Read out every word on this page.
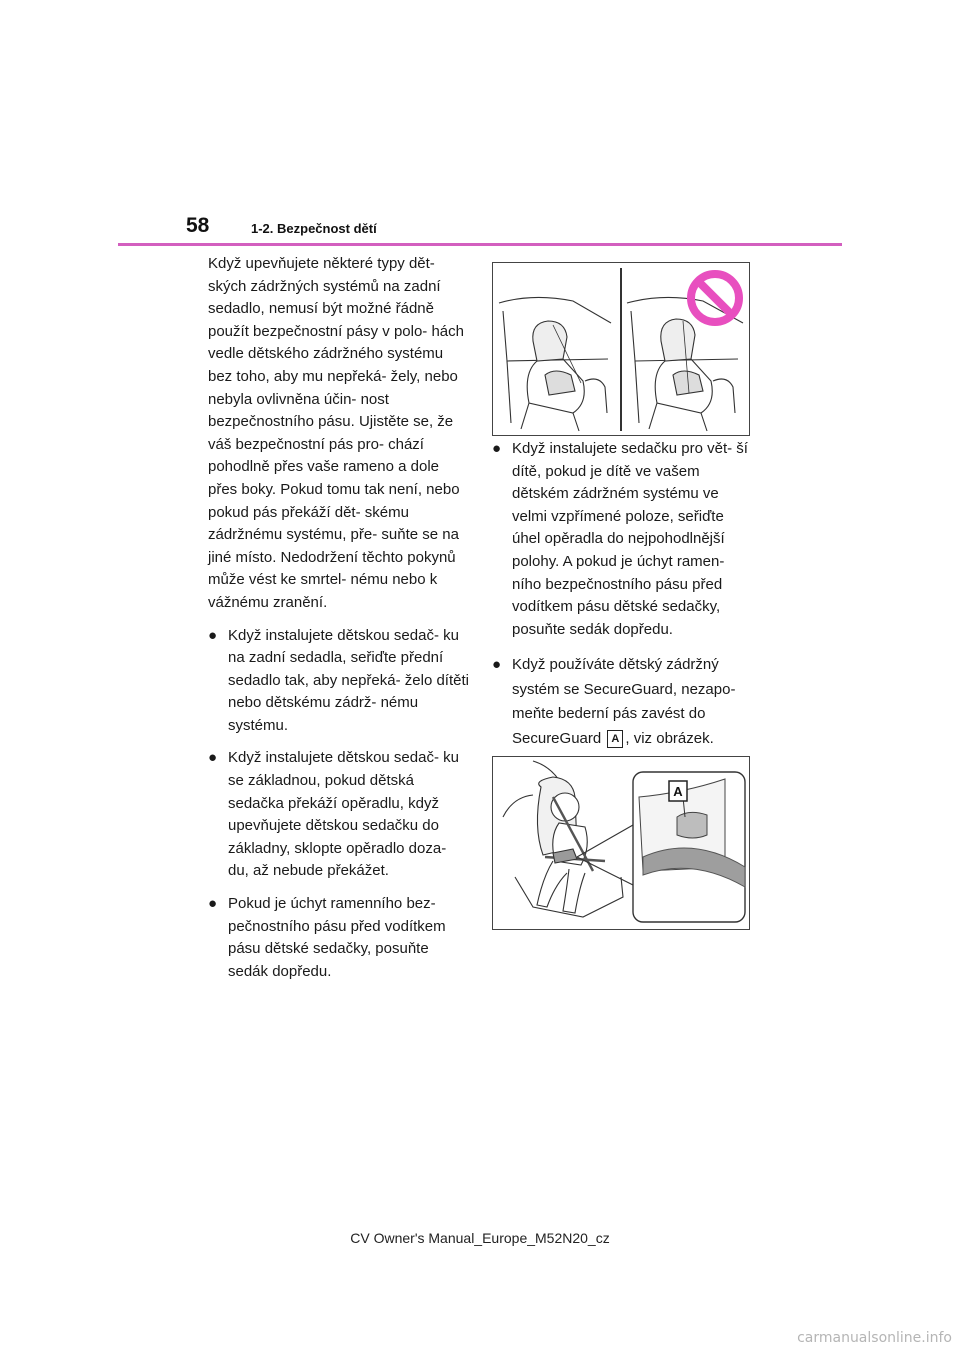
58	1-2. Bezpečnost dětí

Když upevňujete některé typy dět- ských zádržných systémů na zadní sedadlo, nemusí být možné řádně použít bezpečnostní pásy v polo- hách vedle dětského zádržného systému bez toho, aby mu nepřeká- žely, nebo nebyla ovlivněna účin- nost bezpečnostního pásu. Ujistěte se, že váš bezpečnostní pás pro- chází pohodlně přes vaše rameno a dole přes boky. Pokud tomu tak není, nebo pokud pás překáží dět- skému zádržnému systému, pře- suňte se na jiné místo. Nedodržení těchto pokynů může vést ke smrtel- nému nebo k vážnému zranění.

● Když instalujete dětskou sedač- ku na zadní sedadla, seřiďte přední sedadlo tak, aby nepřeká- želo dítěti nebo dětskému zádrž- nému systému.
● Když instalujete dětskou sedač- ku se základnou, pokud dětská sedačka překáží opěradlu, když upevňujete dětskou sedačku do základny, sklopte opěradlo doza- du, až nebude překážet.
● Pokud je úchyt ramenního bez- pečnostního pásu před vodítkem pásu dětské sedačky, posuňte sedák dopředu.
● Když instalujete sedačku pro vět- ší dítě, pokud je dítě ve vašem dětském zádržném systému ve velmi vzpřímené poloze, seřiďte úhel opěradla do nejpohodlnější polohy. A pokud je úchyt ramen- ního bezpečnostního pásu před vodítkem pásu dětské sedačky, posuňte sedák dopředu.
● Když používáte dětský zádržný systém se SecureGuard, nezapo- meňte bederní pás zavést do SecureGuard A , viz obrázek.
A
CV Owner's Manual_Europe_M52N20_cz
carmanualsonline.info
